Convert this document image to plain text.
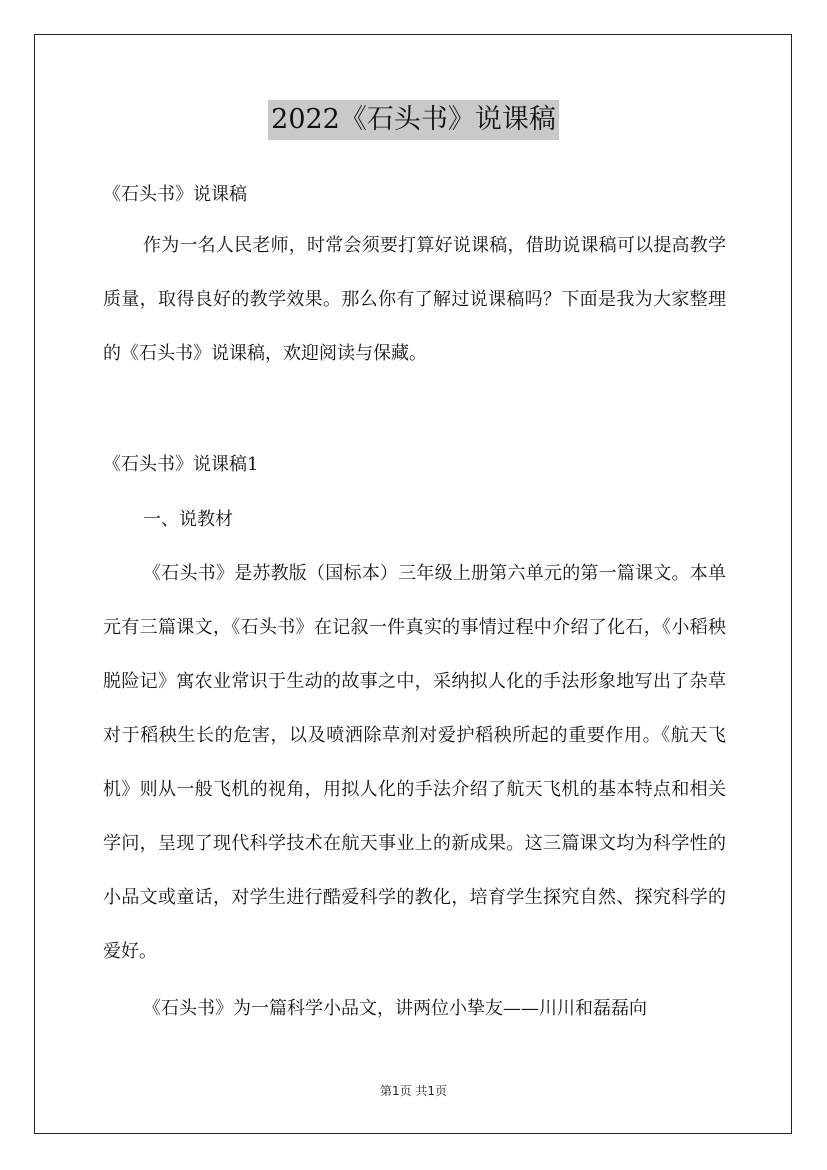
2022《石头书》说课稿
《石头书》说课稿
作为一名人民老师，时常会须要打算好说课稿，借助说课稿可以提高教学质量，取得良好的教学效果。那么你有了解过说课稿吗？下面是我为大家整理的《石头书》说课稿，欢迎阅读与保藏。
《石头书》说课稿1
一、说教材
《石头书》是苏教版（国标本）三年级上册第六单元的第一篇课文。本单元有三篇课文，《石头书》在记叙一件真实的事情过程中介绍了化石，《小稻秧脱险记》寓农业常识于生动的故事之中，采纳拟人化的手法形象地写出了杂草对于稻秧生长的危害，以及喷洒除草剂对爱护稻秧所起的重要作用。《航天飞机》则从一般飞机的视角，用拟人化的手法介绍了航天飞机的基本特点和相关学问，呈现了现代科学技术在航天事业上的新成果。这三篇课文均为科学性的小品文或童话，对学生进行酷爱科学的教化，培育学生探究自然、探究科学的爱好。
《石头书》为一篇科学小品文，讲两位小挚友——川川和磊磊向
第1页 共1页
